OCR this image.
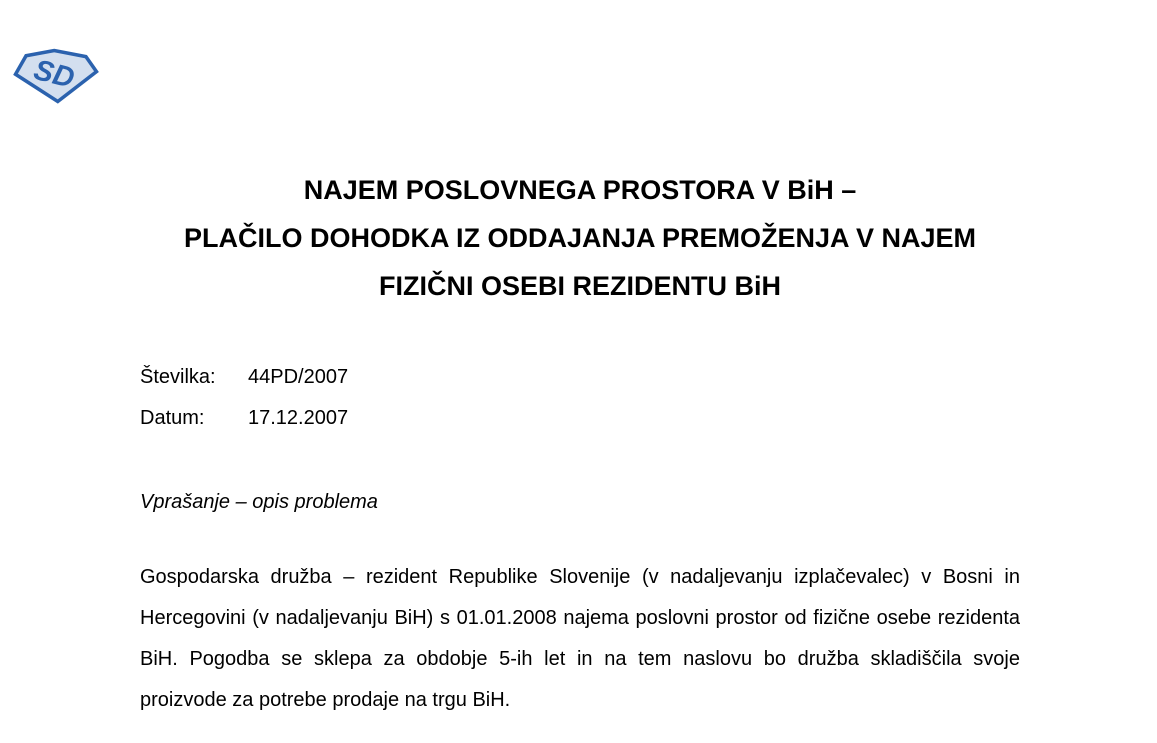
SD
NAJEM POSLOVNEGA PROSTORA V BiH –
PLAČILO DOHODKA IZ ODDAJANJA PREMOŽENJA V NAJEM
FIZIČNI OSEBI REZIDENTU BiH
Številka:	44PD/2007
Datum:	17.12.2007
Vprašanje – opis problema

Gospodarska družba – rezident Republike Slovenije (v nadaljevanju izplačevalec) v Bosni in Hercegovini (v nadaljevanju BiH) s 01.01.2008 najema poslovni prostor od fizične osebe rezidenta BiH. Pogodba se sklepa za obdobje 5-ih let in na tem naslovu bo družba skladiščila svoje proizvode za potrebe prodaje na trgu BiH.
